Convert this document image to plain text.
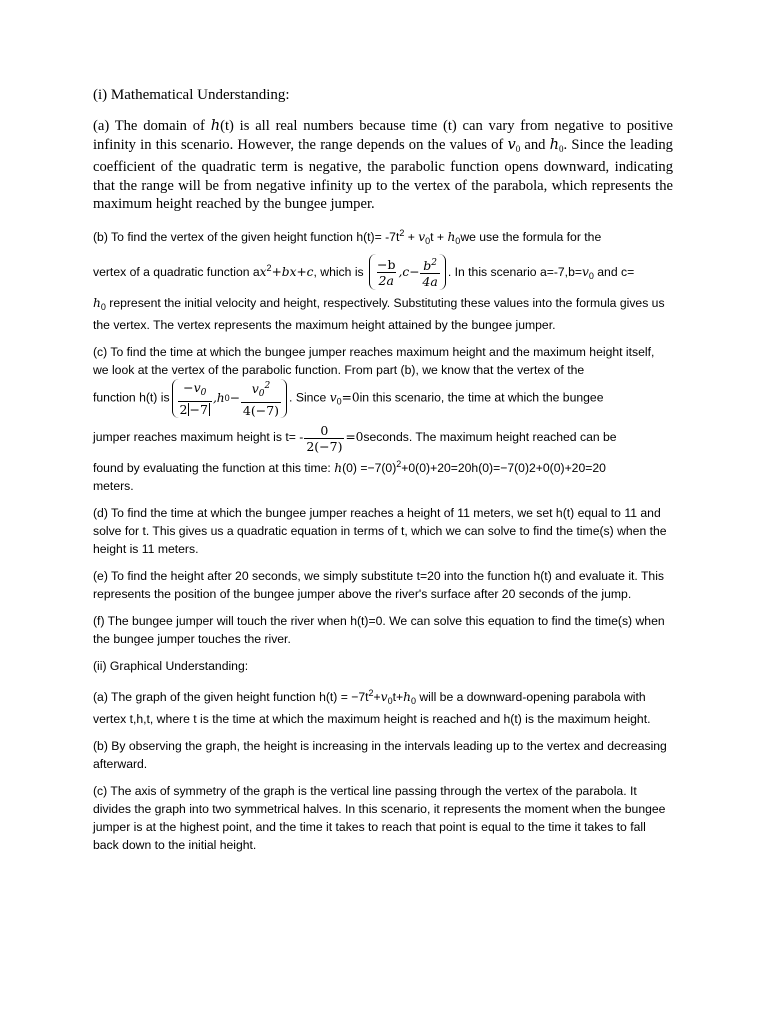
(i) Mathematical Understanding:

(a) The domain of h(t) is all real numbers because time (t) can vary from negative to positive infinity in this scenario. However, the range depends on the values of $v_0$ and $h_0$. Since the leading coefficient of the quadratic term is negative, the parabolic function opens downward, indicating that the range will be from negative infinity up to the vertex of the parabola, which represents the maximum height reached by the bungee jumper.

(b) To find the vertex of the given height function $h(t)= -7t^2 + v_0t + h_0we$ use the formula for the
vertex of a quadratic function $ax^2+bx+c$, which is $\frac{-b}{2a} ,c- \frac{b^2}{4a}$ . In this scenario $a=-7,b=v_0$ and c=
$h_0$ represent the initial velocity and height, respectively. Substituting these values into the formula gives us the vertex. The vertex represents the maximum height attained by the bungee jumper.
(c) To find the time at which the bungee jumper reaches maximum height and the maximum height itself, we look at the vertex of the parabolic function. From part (b), we know that the vertex of the
function h(t) is $\frac{-v_0}{2 -7} ,h$ $0 - \frac{v_0^2}{4(-7)}$ . Since $v_0=0in$ this scenario, the time at which the bungee
jumper reaches maximum height is $t= - \frac{0}{2(-7)}$ =0seconds. The maximum height reached can be
found by evaluating the function at this time: $h(0) =-7(0)^2+0(0)+20=20h(0)=-7(0)2+0(0)+20=20$
meters.

(d) To find the time at which the bungee jumper reaches a height of 11 meters, we set h(t) equal to 11 and solve for t. This gives us a quadratic equation in terms of t, which we can solve to find the time(s) when the height is 11 meters.

(e) To find the height after 20 seconds, we simply substitute t=20 into the function h(t) and evaluate it. This represents the position of the bungee jumper above the river's surface after 20 seconds of the jump.

(f) The bungee jumper will touch the river when h(t)=0. We can solve this equation to find the time(s) when the bungee jumper touches the river.

(ii) Graphical Understanding:

(a) The graph of the given height function $h(t) = -7t^2+v_0t+h_0$ will be a downward-opening parabola with vertex t,h,t, where t is the time at which the maximum height is reached and h(t) is the maximum height.

(b) By observing the graph, the height is increasing in the intervals leading up to the vertex and decreasing afterward.

(c) The axis of symmetry of the graph is the vertical line passing through the vertex of the parabola. It divides the graph into two symmetrical halves. In this scenario, it represents the moment when the bungee jumper is at the highest point, and the time it takes to reach that point is equal to the time it takes to fall back down to the initial height.
